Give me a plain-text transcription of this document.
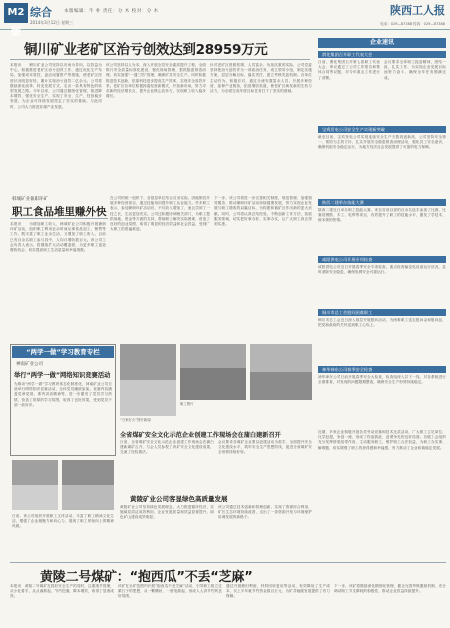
M2版
综合	本版编辑：牛 朴 责任：分 木 校对：分 木
2014年3月12日 星期三
陕西工人报
电话：029—87388 传真：029—87388
铜川矿业老矿区治亏创效达到28959万元
本报讯　　铜川矿业公司坚持以市场为导向，以效益为中心，积极推进老矿区治亏创效工作，通过优化生产布局，加强成本管控，盘活闲置资产等措施，使老矿区经营状况明显好转，累计实现治亏创效二亿余元。公司将继续深化改革，转变发展方式，走出一条具有特色的转型发展之路。今年以来，公司通过精细化管理，推进降本增效，强化安全生产，实现了安全、生产、经营稳步发展，为企业可持续发展奠定了坚实的基础。与此同时，公司大力推进非煤产业发展。
该公司坚持以人为本，深入开展全员安全素质提升工程，全面推行安全质量标准化建设，强化现场管理，狠抓隐患排查治理，切实加强“一通三防”管理，确保矿井安全生产。同时积极推进技术创新，依靠科技进步提高生产效率，实现安全高效开采。老矿区各单位积极探索经营新模式，开拓新市场，努力寻求新的经济增长点，提升企业核心竞争力，实现职工收入稳步增长。
针对老矿区资源枯竭、人员富余、负担沉重的实际，公司党委坚持把治亏创效作为一项政治任务，成立领导小组，制定实施方案，层层分解目标，落实责任，建立考核奖惩机制。各单位主动作为，积极应对，通过分流安置富余人员，开展多种经营，延伸产业链条，拓宽增收渠道，使老矿区焕发新的生机与活力，为全面完成年度目标任务打下了坚实的基础。
韩城矿业兼职环矿
职工食品堆里赚外快
本报讯　　为增加职工收入，韩城矿业公司积极开展兼职环矿活动，组织职工利用业余时间从事食品加工、销售等工作，既丰富了职工业余生活，又增加了职工收入。目前已有百余名职工参与其中，人均月增收数百元。该公司工会负责人表示，将继续扩大活动覆盖面，为更多职工创造增收机会，切实提高职工生活质量和幸福指数。
在公司的统一组织下，各基层单位结合自身实际，因地制宜开展多种经营项目，通过技能培训提升职工从业能力。许多职工表示，参加兼职环矿活动后，不仅收入增加了，而且学到了一技之长，生活更加充实。公司还积极协调相关部门，为职工提供场地、资金等方面的支持，帮助职工解决实际困难，营造了良好的创业氛围，取得了明显的经济效益和社会效益，受到广大职工的普遍欢迎。
下一步，该公司将进一步完善相关制度，规范管理，加强指导服务，推动兼职环矿活动持续健康发展，努力实现企业发展与职工增收的双赢目标，为构建和谐矿区作出新的更大贡献。同时，公司将认真总结经验，不断创新工作方法，拓展服务领域，切实把好事办好、实事办实，让广大职工真正得到实惠。
企业速讯
渭化集团召开职工代表大会
日前，渭化集团召开第七届职工代表大会，审议通过了公司工作报告和集体合同等议题，对今年重点工作进行了部署。
会议要求全体职工振奋精神，团结一致，扎实工作，为实现企业发展目标而努力奋斗，确保全年任务圆满完成。
宝鸡发电公司安全生产实现新突破
截至目前，宝鸡发电公司实现连续安全生产天数再创新高，公司坚持安全第一、预防为主的方针，扎实开展安全隐患排查治理活动，强化员工安全意识，确保机组安全稳定运行，为地方经济社会发展提供了可靠的电力保障。
陕西二建举办技能大赛
陕西二建近日举办职工技能大赛，来自各项目部的百余名选手参加了比赛，比赛设钢筋、木工、电焊等项目，有效提升了职工的技能水平，激发了学技术、练本领的热情。
咸阳供电公司开展专项检查
咸阳供电公司近日开展春季安全专项检查，重点检查输变电设备运行状况，及时消除安全隐患，确保电网安全可靠运行。
铜川市总工会慰问困难职工
铜川市总工会近日深入基层开展慰问活动，为困难职工送去慰问金和慰问品，把党和政府的关怀送到职工心坎上。
神华神东公司春季安全检查
神华神东公司日前开展春季安全大检查，检查组深入井下一线，对各系统进行全面排查，对发现的问题限期整改，确保安全生产形势持续稳定。
“两学一做”学习教育专栏
神南矿业公司
举行“两学一做”网络知识竞赛活动
为推动“两学一做”学习教育常态化制度化，神南矿业公司日前举行网络知识竞赛活动，全体党员踊跃参加。竞赛内容涵盖党章党规、系列讲话精神等，进一步激发了党员学习热情，营造了浓厚的学习氛围，取得了良好效果，受到党员干部一致好评。
“万家灯火”图片新闻
职工图片
全省煤矿安全文化示范企业创建工作现场会在蒲白建新召开
日前，全省煤矿安全文化示范企业创建工作现场会在蒲白建新煤矿召开，与会人员参观了该矿安全文化建设成果，交流了经验做法。
会议要求各煤矿企业要以创建活动为抓手，全面提升安全文化建设水平，筑牢安全生产思想防线，促进全省煤矿安全形势持续好转。
黄陵矿业公司客显绿色高质量发展
黄陵矿业公司坚持绿色发展理念，大力推进循环经济，实施煤炭清洁高效利用，企业发展质量和效益显著提升，绿色矿山建设成效明显。
该公司通过技术创新和管理创新，实现了资源综合利用，矿区生态环境持续改善，走出了一条资源开发与环境保护协调发展的新路子。
日前，该公司组织开展职工文体活动，丰富了职工精神文化生活，增强了企业凝聚力和向心力，展现了职工昂扬向上的精神风貌。
黄陵二号煤矿：“抱西瓜”不丢“芝麻”
本报讯　黄陵二号煤矿在抓好安全生产的同时，注重细节管理，从小处着手，从点滴做起，节约挖潜，降本增效，取得了显著成效。
该矿在全矿范围内开展“抱西瓜不丢芝麻”活动，引导职工树立过紧日子的思想，从一颗螺丝、一度电做起，形成人人讲节约的良好氛围。
通过开展修旧利废、材料回收复用等活动，有效降低了生产成本，仅上半年就节约资金数百万元，为矿井稳健发展提供了有力保障。
下一步，该矿将继续深化精细化管理，健全完善考核激励机制，充分调动职工节支降耗的积极性，推动企业效益持续提升。
近期，多家企业积极开展各类劳动竞赛和技术比武活动，广大职工立足岗位，比学赶超，争创一流，形成了你追我赶、奋勇争先的良好局面。各级工会组织充分发挥桥梁纽带作用，主动服务职工，维护职工合法权益，为职工办实事、解难题，切实增强了职工的获得感和幸福感，有力推动了企业和谐稳定发展。
